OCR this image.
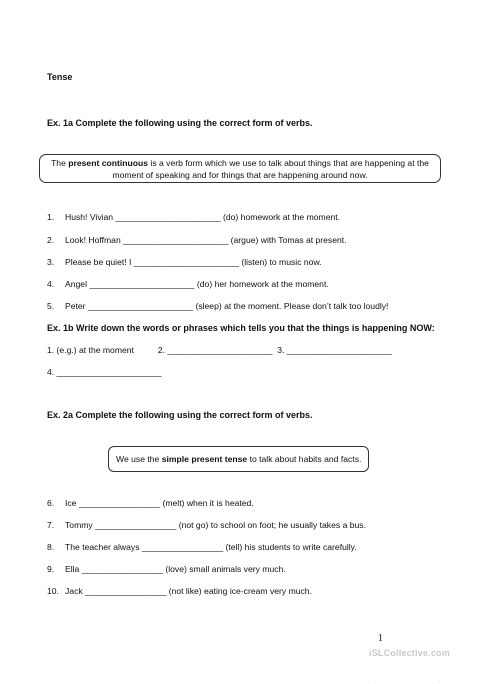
Tense
Ex. 1a Complete the following using the correct form of verbs.
The present continuous is a verb form which we use to talk about things that are happening at the
moment of speaking and for things that are happening around now.
1. Hush! Vivian ______________________ (do) homework at the moment.
2. Look! Hoffman ______________________ (argue) with Tomas at present.
3. Please be quiet! I ______________________ (listen) to music now.
4. Angel ______________________ (do) her homework at the moment.
5. Peter ______________________ (sleep) at the moment. Please don’t talk too loudly!
Ex. 1b Write down the words or phrases which tells you that the things is happening NOW:
1. (e.g.) at the moment          2. ______________________  3. ______________________
4. ______________________
Ex. 2a Complete the following using the correct form of verbs.
We use the simple present tense to talk about habits and facts.
6. Ice _________________ (melt) when it is heated.
7. Tommy _________________ (not go) to school on foot; he usually takes a bus.
8. The teacher always _________________ (tell) his students to write carefully.
9. Ella _________________ (love) small animals very much.
10. Jack _________________ (not like) eating ice-cream very much.
1
iSLCollective.com
.	.
